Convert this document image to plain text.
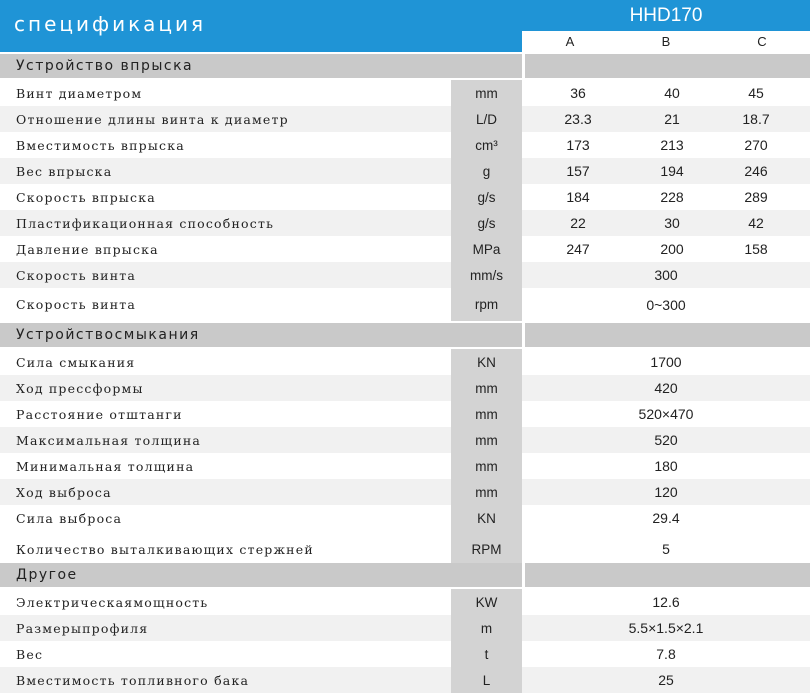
спецификация	HHD170
A	B	C
Устройство впрыска
Винт диаметром	mm	36	40	45
Отношение длины винта к диаметр	L/D	23.3	21	18.7
Вместимость впрыска	cm³	173	213	270
Вес впрыска	g	157	194	246
Скорость впрыска	g/s	184	228	289
Пластификационная способность	g/s	22	30	42
Давление впрыска	MPa	247	200	158
Скорость винта	mm/s	300
Скорость винта	rpm	0~300
Устройствосмыкания
Сила смыкания	KN	1700
Ход прессформы	mm	420
Расстояние отштанги	mm	520×470
Максимальная толщина	mm	520
Минимальная толщина	mm	180
Ход выброса	mm	120
Сила выброса	KN	29.4
Количество выталкивающих стержней	RPM	5
Другое
Электрическаямощность	KW	12.6
Размерыпрофиля	m	5.5×1.5×2.1
Вес	t	7.8
Вместимость топливного бака	L	25
